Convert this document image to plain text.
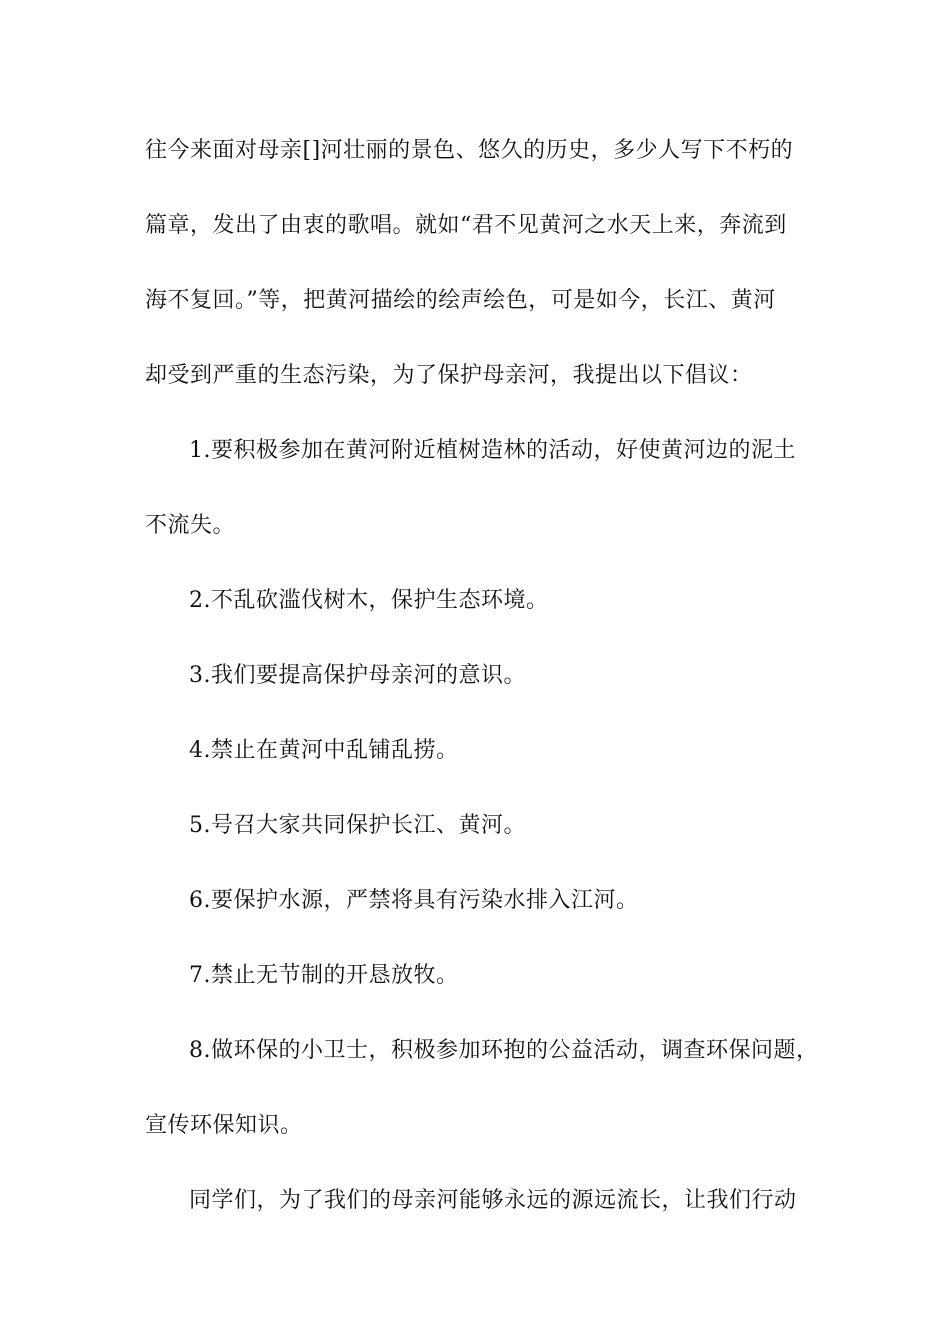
往今来面对母亲[]河壮丽的景色、悠久的历史，多少人写下不朽的
篇章，发出了由衷的歌唱。就如“君不见黄河之水天上来，奔流到
海不复回。”等，把黄河描绘的绘声绘色，可是如今，长江、黄河
却受到严重的生态污染，为了保护母亲河，我提出以下倡议：
1.要积极参加在黄河附近植树造林的活动，好使黄河边的泥土
不流失。
2.不乱砍滥伐树木，保护生态环境。
3.我们要提高保护母亲河的意识。
4.禁止在黄河中乱铺乱捞。
5.号召大家共同保护长江、黄河。
6.要保护水源，严禁将具有污染水排入江河。
7.禁止无节制的开恳放牧。
8.做环保的小卫士，积极参加环抱的公益活动，调查环保问题，
宣传环保知识。
同学们，为了我们的母亲河能够永远的源远流长，让我们行动
